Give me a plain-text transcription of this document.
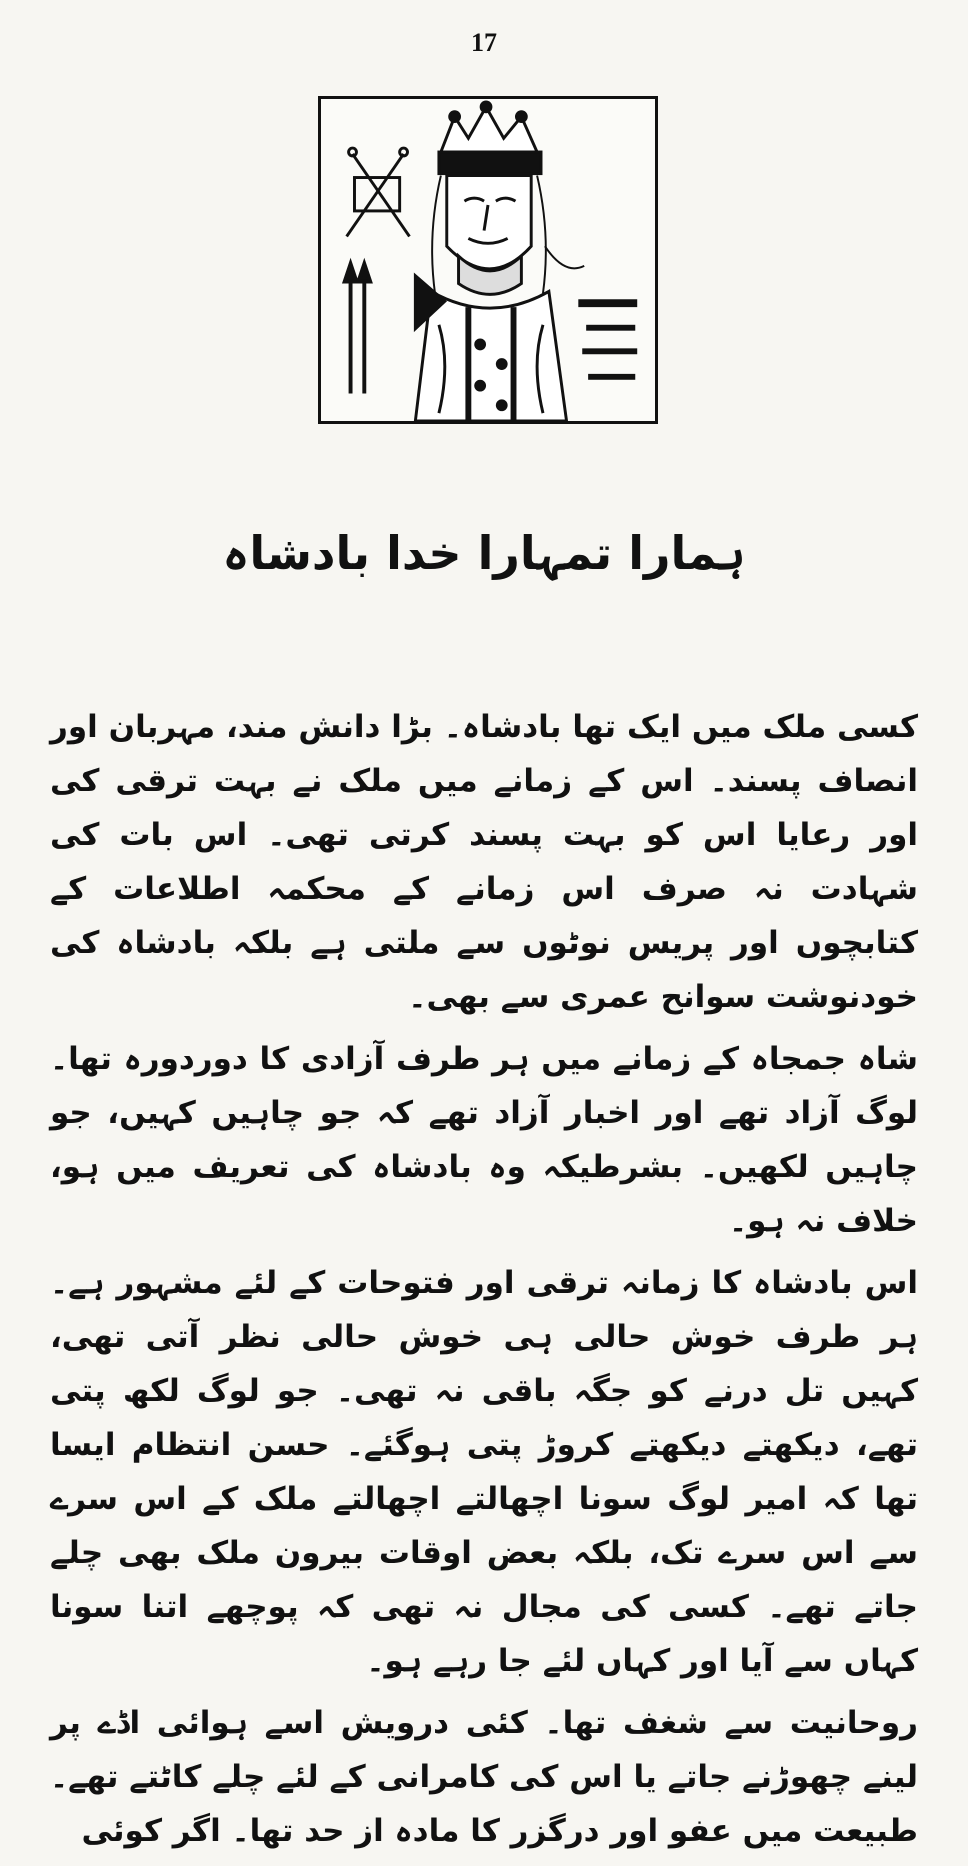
17
ہمارا تمہارا خدا بادشاہ

کسی ملک میں ایک تھا بادشاہ۔ بڑا دانش مند، مہربان اور انصاف پسند۔ اس کے زمانے میں ملک نے بہت ترقی کی اور رعایا اس کو بہت پسند کرتی تھی۔ اس بات کی شہادت نہ صرف اس زمانے کے محکمہ اطلاعات کے کتابچوں اور پریس نوٹوں سے ملتی ہے بلکہ بادشاہ کی خودنوشت سوانح عمری سے بھی۔

شاہ جمجاہ کے زمانے میں ہر طرف آزادی کا دوردورہ تھا۔ لوگ آزاد تھے اور اخبار آزاد تھے کہ جو چاہیں کہیں، جو چاہیں لکھیں۔ بشرطیکہ وہ بادشاہ کی تعریف میں ہو، خلاف نہ ہو۔

اس بادشاہ کا زمانہ ترقی اور فتوحات کے لئے مشہور ہے۔ ہر طرف خوش حالی ہی خوش حالی نظر آتی تھی، کہیں تل درنے کو جگہ باقی نہ تھی۔ جو لوگ لکھ پتی تھے، دیکھتے دیکھتے کروڑ پتی ہوگئے۔ حسن انتظام ایسا تھا کہ امیر لوگ سونا اچھالتے اچھالتے ملک کے اس سرے سے اس سرے تک، بلکہ بعض اوقات بیرون ملک بھی چلے جاتے تھے۔ کسی کی مجال نہ تھی کہ پوچھے اتنا سونا کہاں سے آیا اور کہاں لئے جا رہے ہو۔

روحانیت سے شغف تھا۔ کئی درویش اسے ہوائی اڈے پر لینے چھوڑنے جاتے یا اس کی کامرانی کے لئے چلے کاٹتے تھے۔ طبیعت میں عفو اور درگزر کا مادہ از حد تھا۔ اگر کوئی
